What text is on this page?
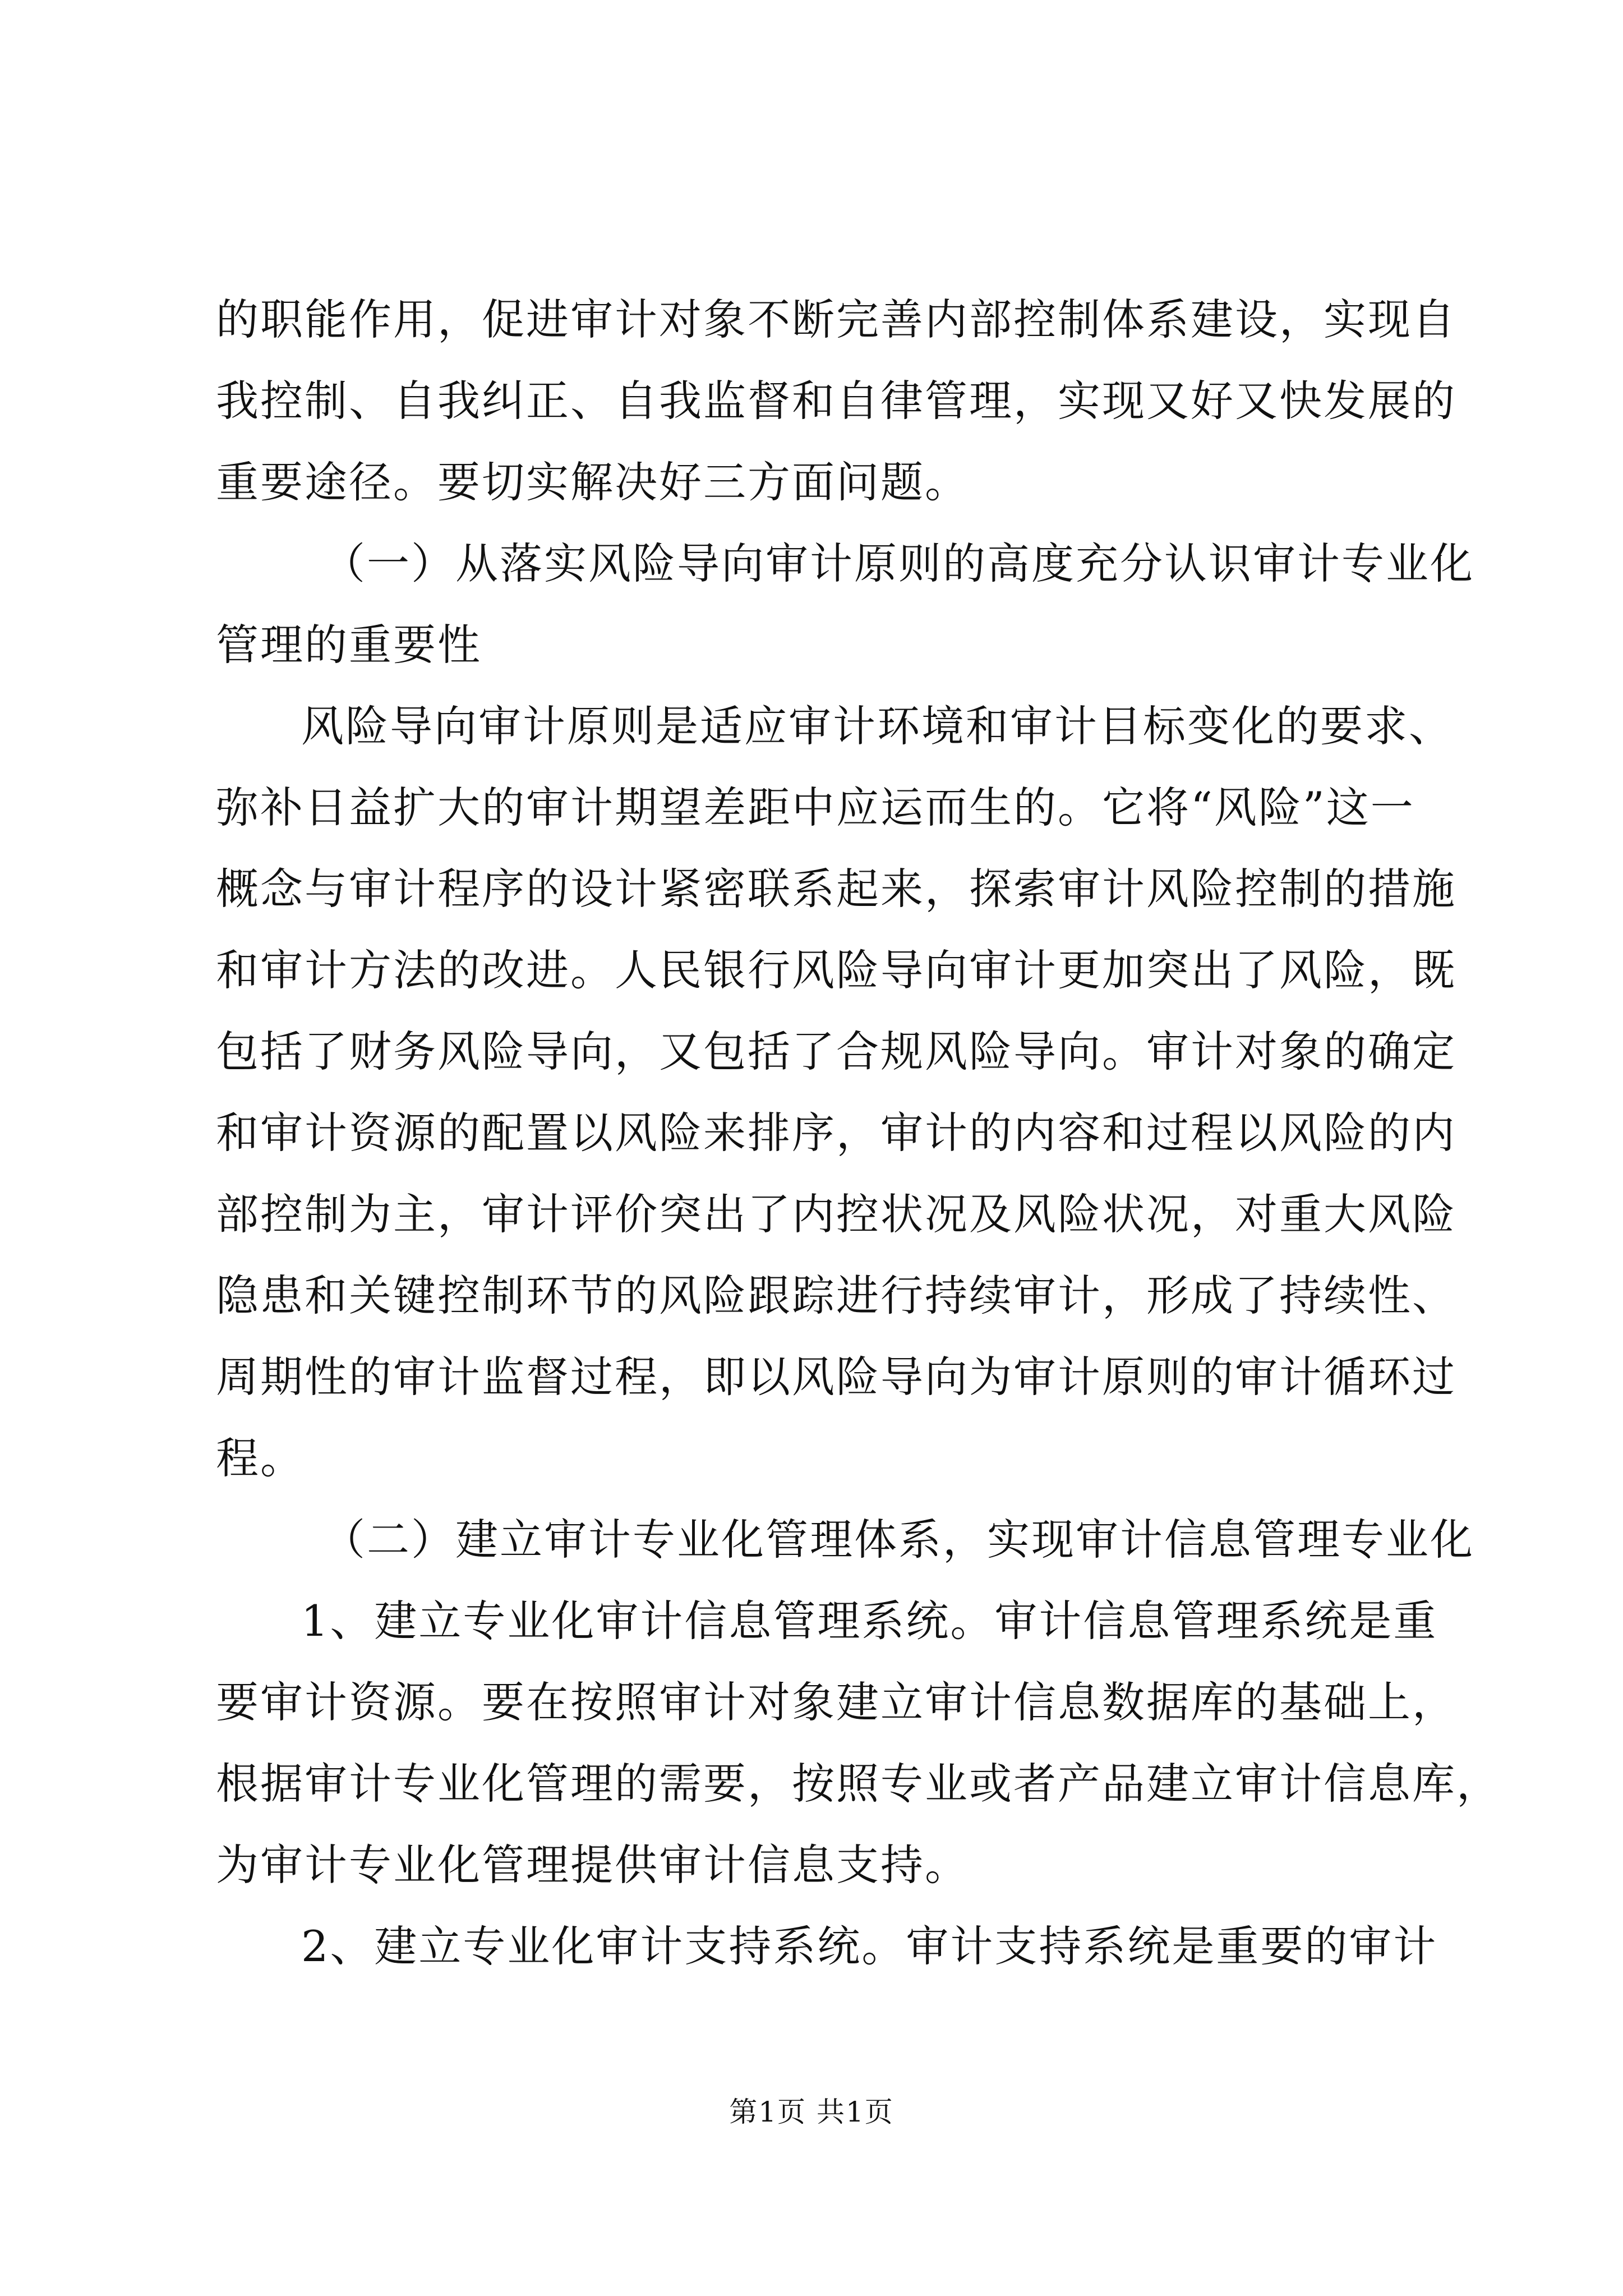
的职能作用，促进审计对象不断完善内部控制体系建设，实现自
我控制、自我纠正、自我监督和自律管理，实现又好又快发展的
重要途径。要切实解决好三方面问题。
（一）从落实风险导向审计原则的高度充分认识审计专业化
管理的重要性
风险导向审计原则是适应审计环境和审计目标变化的要求、
弥补日益扩大的审计期望差距中应运而生的。它将“风险”这一
概念与审计程序的设计紧密联系起来，探索审计风险控制的措施
和审计方法的改进。人民银行风险导向审计更加突出了风险，既
包括了财务风险导向，又包括了合规风险导向。审计对象的确定
和审计资源的配置以风险来排序，审计的内容和过程以风险的内
部控制为主，审计评价突出了内控状况及风险状况，对重大风险
隐患和关键控制环节的风险跟踪进行持续审计，形成了持续性、
周期性的审计监督过程，即以风险导向为审计原则的审计循环过
程。
（二）建立审计专业化管理体系，实现审计信息管理专业化
1、建立专业化审计信息管理系统。审计信息管理系统是重
要审计资源。要在按照审计对象建立审计信息数据库的基础上，
根据审计专业化管理的需要，按照专业或者产品建立审计信息库，
为审计专业化管理提供审计信息支持。
2、建立专业化审计支持系统。审计支持系统是重要的审计
第1页 共1页
